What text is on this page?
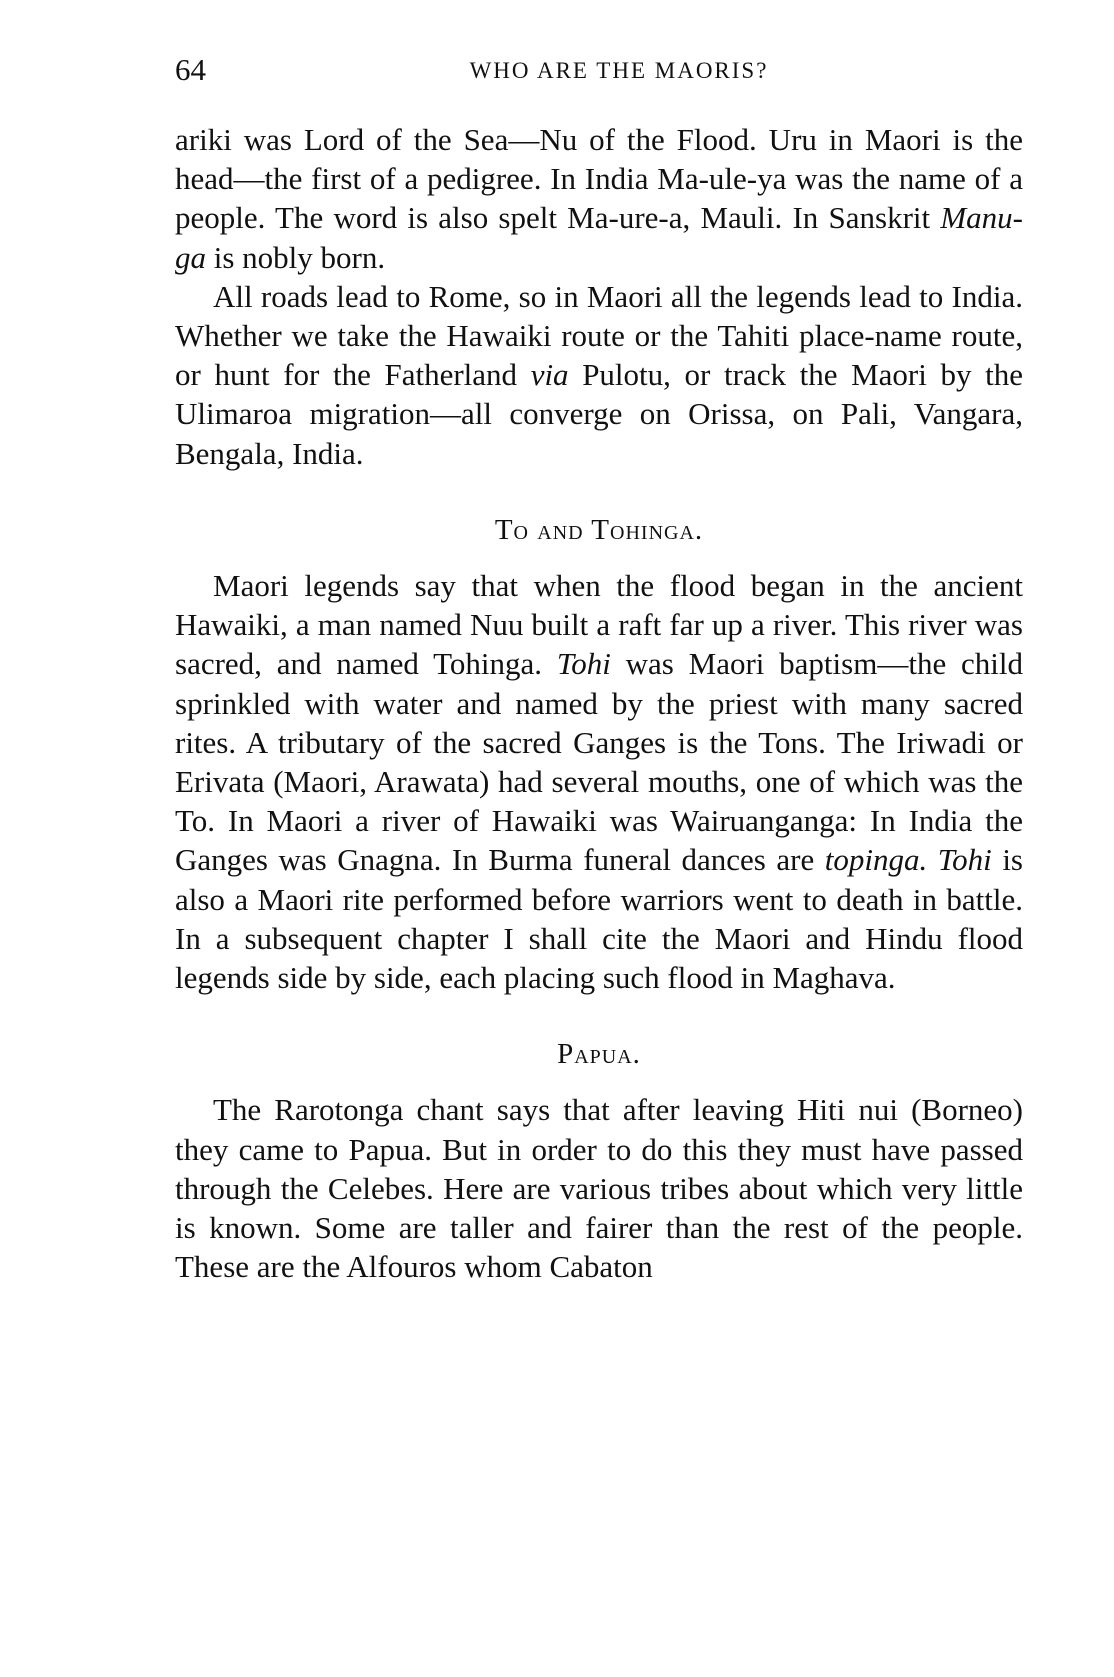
64	WHO ARE THE MAORIS?

ariki was Lord of the Sea—Nu of the Flood. Uru in Maori is the head—the first of a pedigree. In India Ma-ule-ya was the name of a people. The word is also spelt Ma-ure-a, Mauli. In Sanskrit Manu-ga is nobly born.

All roads lead to Rome, so in Maori all the legends lead to India. Whether we take the Hawaiki route or the Tahiti place-name route, or hunt for the Fatherland via Pulotu, or track the Maori by the Ulimaroa migration—all converge on Orissa, on Pali, Vangara, Bengala, India.

To and Tohinga.

Maori legends say that when the flood began in the ancient Hawaiki, a man named Nuu built a raft far up a river. This river was sacred, and named Tohinga. Tohi was Maori baptism—the child sprinkled with water and named by the priest with many sacred rites. A tributary of the sacred Ganges is the Tons. The Iriwadi or Erivata (Maori, Arawata) had several mouths, one of which was the To. In Maori a river of Hawaiki was Wairuanganga: In India the Ganges was Gnagna. In Burma funeral dances are topinga. Tohi is also a Maori rite performed before warriors went to death in battle. In a subsequent chapter I shall cite the Maori and Hindu flood legends side by side, each placing such flood in Maghava.

Papua.

The Rarotonga chant says that after leaving Hiti nui (Borneo) they came to Papua. But in order to do this they must have passed through the Celebes. Here are various tribes about which very little is known. Some are taller and fairer than the rest of the people. These are the Alfouros whom Cabaton
